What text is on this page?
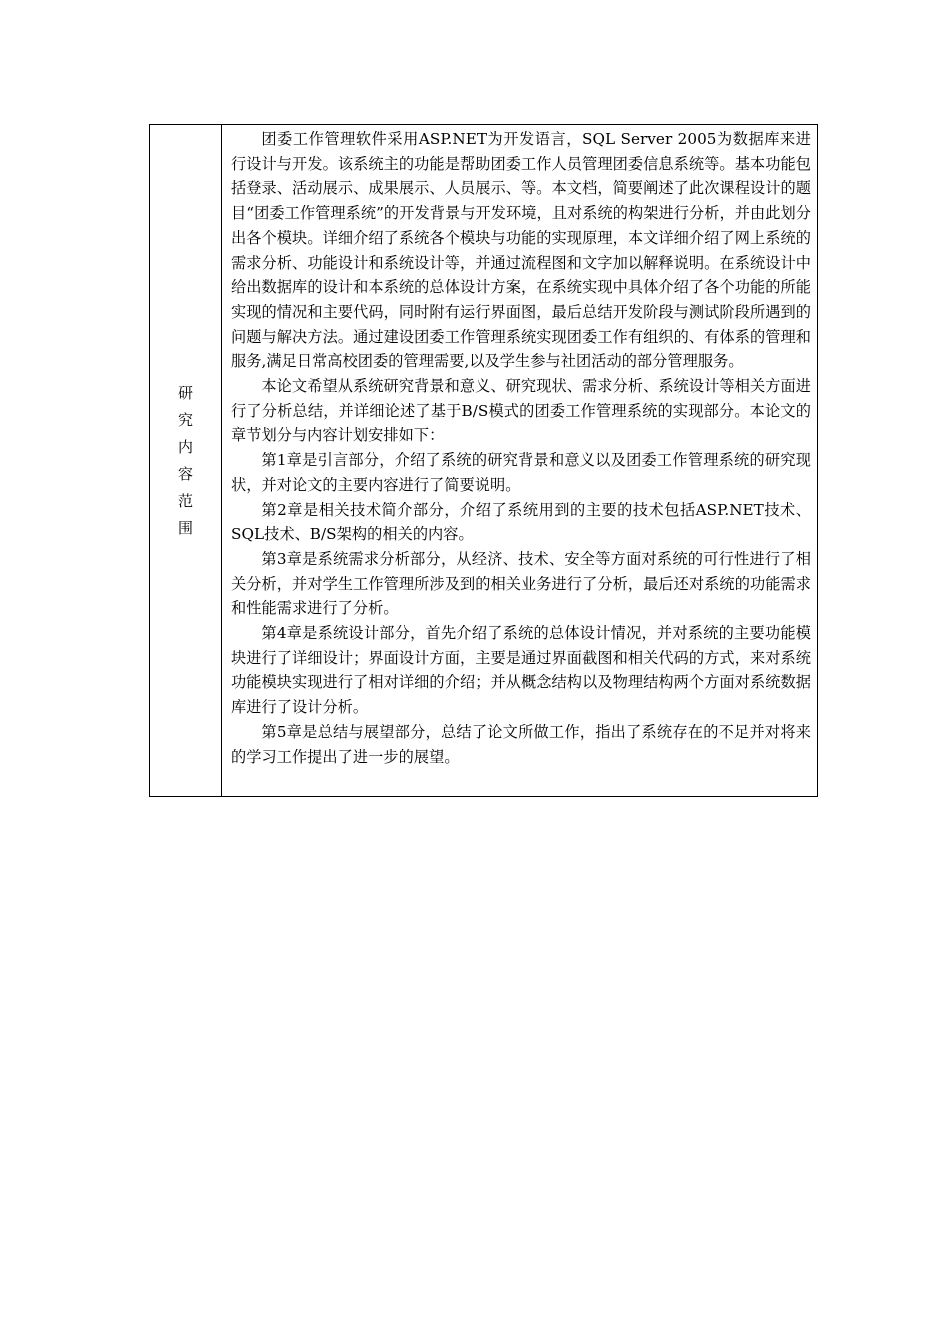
研
究
内
容
范
围

团委工作管理软件采用ASP.NET为开发语言，SQL Server 2005为数据库来进行设计与开发。该系统主的功能是帮助团委工作人员管理团委信息系统等。基本功能包括登录、活动展示、成果展示、人员展示、等。本文档，简要阐述了此次课程设计的题目“团委工作管理系统”的开发背景与开发环境，且对系统的构架进行分析，并由此划分出各个模块。详细介绍了系统各个模块与功能的实现原理，本文详细介绍了网上系统的需求分析、功能设计和系统设计等，并通过流程图和文字加以解释说明。在系统设计中给出数据库的设计和本系统的总体设计方案，在系统实现中具体介绍了各个功能的所能实现的情况和主要代码，同时附有运行界面图，最后总结开发阶段与测试阶段所遇到的问题与解决方法。通过建设团委工作管理系统实现团委工作有组织的、有体系的管理和服务,满足日常高校团委的管理需要,以及学生参与社团活动的部分管理服务。

本论文希望从系统研究背景和意义、研究现状、需求分析、系统设计等相关方面进行了分析总结，并详细论述了基于B/S模式的团委工作管理系统的实现部分。本论文的章节划分与内容计划安排如下：

第1章是引言部分，介绍了系统的研究背景和意义以及团委工作管理系统的研究现状，并对论文的主要内容进行了简要说明。

第2章是相关技术简介部分，介绍了系统用到的主要的技术包括ASP.NET技术、SQL技术、B/S架构的相关的内容。

第3章是系统需求分析部分，从经济、技术、安全等方面对系统的可行性进行了相关分析，并对学生工作管理所涉及到的相关业务进行了分析，最后还对系统的功能需求和性能需求进行了分析。

第4章是系统设计部分，首先介绍了系统的总体设计情况，并对系统的主要功能模块进行了详细设计；界面设计方面，主要是通过界面截图和相关代码的方式，来对系统功能模块实现进行了相对详细的介绍；并从概念结构以及物理结构两个方面对系统数据库进行了设计分析。

第5章是总结与展望部分，总结了论文所做工作，指出了系统存在的不足并对将来的学习工作提出了进一步的展望。
